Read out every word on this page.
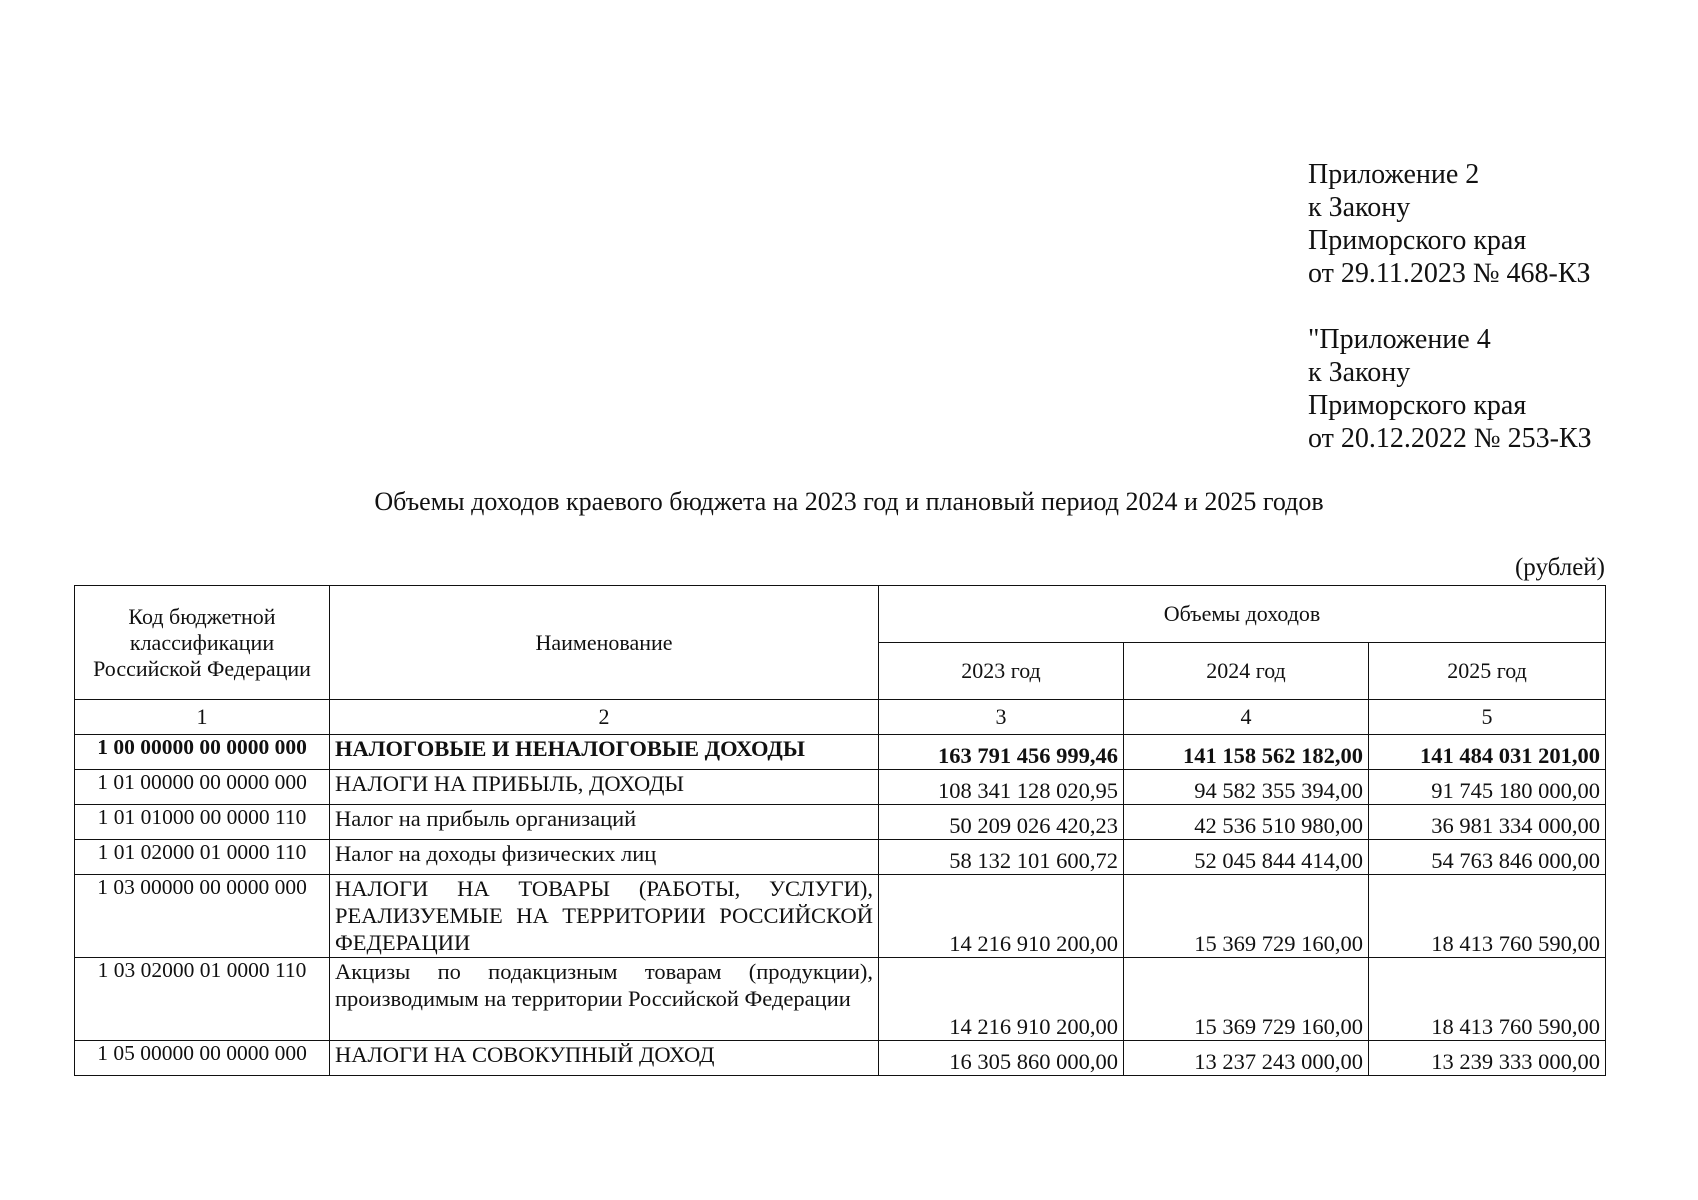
Приложение 2
к Закону
Приморского края
от 29.11.2023 № 468-КЗ
"Приложение 4
к Закону
Приморского края
от 20.12.2022 № 253-КЗ
Объемы доходов краевого бюджета на 2023 год и плановый период 2024 и 2025 годов
(рублей)
Код бюджетной классификации Российской Федерации	Наименование	Объемы доходов		
		2023 год	2024 год	2025 год
1	2	3	4	5
1 00 00000 00 0000 000	НАЛОГОВЫЕ И НЕНАЛОГОВЫЕ ДОХОДЫ	163 791 456 999,46	141 158 562 182,00	141 484 031 201,00
1 01 00000 00 0000 000	НАЛОГИ НА ПРИБЫЛЬ, ДОХОДЫ	108 341 128 020,95	94 582 355 394,00	91 745 180 000,00
1 01 01000 00 0000 110	Налог на прибыль организаций	50 209 026 420,23	42 536 510 980,00	36 981 334 000,00
1 01 02000 01 0000 110	Налог на доходы физических лиц	58 132 101 600,72	52 045 844 414,00	54 763 846 000,00
1 03 00000 00 0000 000	НАЛОГИ НА ТОВАРЫ (РАБОТЫ, УСЛУГИ), РЕАЛИЗУЕМЫЕ НА ТЕРРИТОРИИ РОССИЙСКОЙ ФЕДЕРАЦИИ	14 216 910 200,00	15 369 729 160,00	18 413 760 590,00
1 03 02000 01 0000 110	Акцизы по подакцизным товарам (продукции), производимым на территории Российской Федерации	14 216 910 200,00	15 369 729 160,00	18 413 760 590,00
1 05 00000 00 0000 000	НАЛОГИ НА СОВОКУПНЫЙ ДОХОД	16 305 860 000,00	13 237 243 000,00	13 239 333 000,00
